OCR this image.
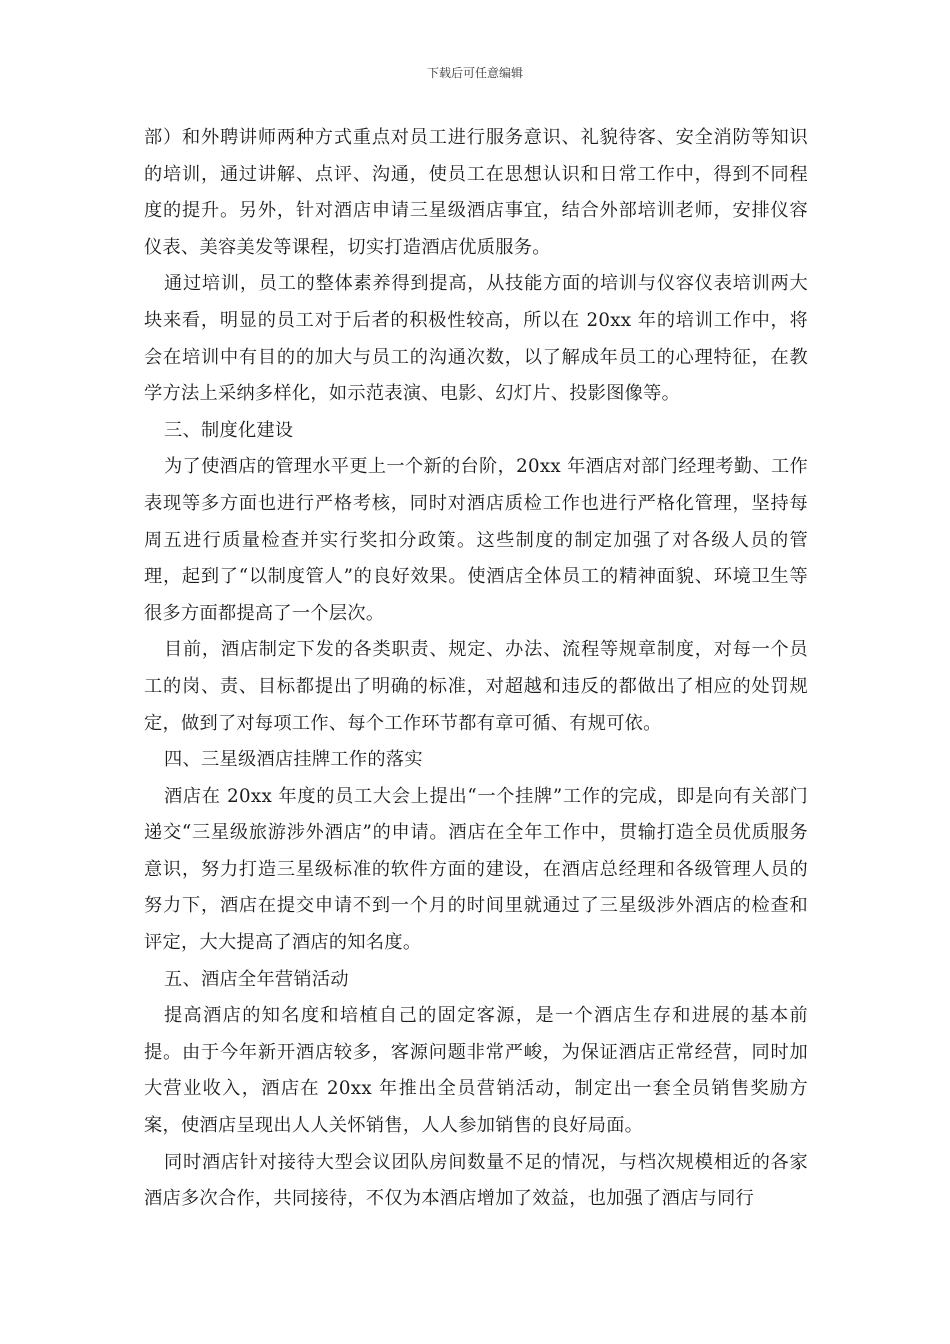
下载后可任意编辑

部）和外聘讲师两种方式重点对员工进行服务意识、礼貌待客、安全消防等知识的培训，通过讲解、点评、沟通，使员工在思想认识和日常工作中，得到不同程度的提升。另外，针对酒店申请三星级酒店事宜，结合外部培训老师，安排仪容仪表、美容美发等课程，切实打造酒店优质服务。

通过培训，员工的整体素养得到提高，从技能方面的培训与仪容仪表培训两大块来看，明显的员工对于后者的积极性较高，所以在 20xx 年的培训工作中，将会在培训中有目的的加大与员工的沟通次数，以了解成年员工的心理特征，在教学方法上采纳多样化，如示范表演、电影、幻灯片、投影图像等。

三、制度化建设

为了使酒店的管理水平更上一个新的台阶，20xx 年酒店对部门经理考勤、工作表现等多方面也进行严格考核，同时对酒店质检工作也进行严格化管理，坚持每周五进行质量检查并实行奖扣分政策。这些制度的制定加强了对各级人员的管理，起到了“以制度管人”的良好效果。使酒店全体员工的精神面貌、环境卫生等很多方面都提高了一个层次。

目前，酒店制定下发的各类职责、规定、办法、流程等规章制度，对每一个员工的岗、责、目标都提出了明确的标准，对超越和违反的都做出了相应的处罚规定，做到了对每项工作、每个工作环节都有章可循、有规可依。

四、三星级酒店挂牌工作的落实

酒店在 20xx 年度的员工大会上提出“一个挂牌”工作的完成，即是向有关部门递交“三星级旅游涉外酒店”的申请。酒店在全年工作中，贯输打造全员优质服务意识，努力打造三星级标准的软件方面的建设，在酒店总经理和各级管理人员的努力下，酒店在提交申请不到一个月的时间里就通过了三星级涉外酒店的检查和评定，大大提高了酒店的知名度。

五、酒店全年营销活动

提高酒店的知名度和培植自己的固定客源，是一个酒店生存和进展的基本前提。由于今年新开酒店较多，客源问题非常严峻，为保证酒店正常经营，同时加大营业收入，酒店在 20xx 年推出全员营销活动，制定出一套全员销售奖励方案，使酒店呈现出人人关怀销售，人人参加销售的良好局面。

同时酒店针对接待大型会议团队房间数量不足的情况，与档次规模相近的各家酒店多次合作，共同接待，不仅为本酒店增加了效益，也加强了酒店与同行
